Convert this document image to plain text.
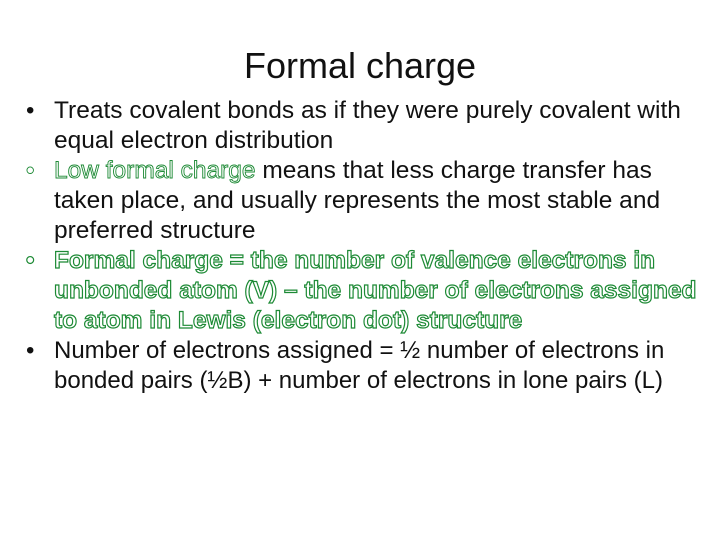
Formal charge
• Treats covalent bonds as if they were purely covalent with equal electron distribution
• Low formal charge means that less charge transfer has taken place, and usually represents the most stable and preferred structure
• Formal charge = the number of valence electrons in unbonded atom (V) – the number of electrons assigned to atom in Lewis (electron dot) structure
• Number of electrons assigned = ½ number of electrons in bonded pairs (½B) + number of electrons in lone pairs (L)
